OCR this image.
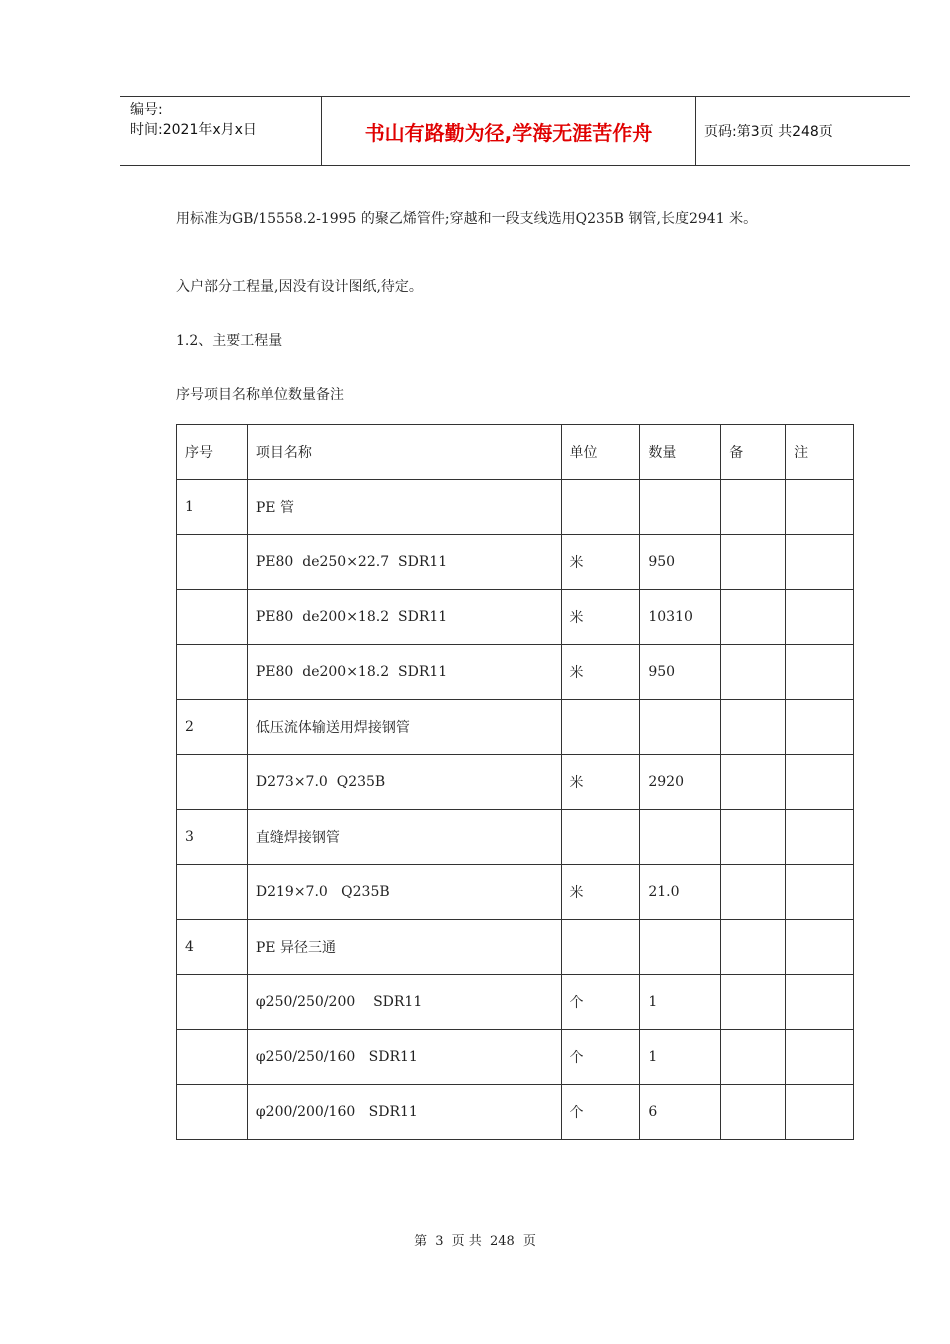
编号:
时间:2021年x月x日	书山有路勤为径,学海无涯苦作舟	页码:第3页 共248页
用标准为GB/15558.2-1995 的聚乙烯管件;穿越和一段支线选用Q235B 钢管,长度2941 米。
入户部分工程量,因没有设计图纸,待定。
1.2、主要工程量
序号项目名称单位数量备注
序号	项目名称	单位	数量	备	注
1	PE 管				
	PE80  de250×22.7  SDR11	米	950		
	PE80  de200×18.2  SDR11	米	10310		
	PE80  de200×18.2  SDR11	米	950		
2	低压流体输送用焊接钢管				
	D273×7.0  Q235B	米	2920		
3	直缝焊接钢管				
	D219×7.0   Q235B	米	21.0		
4	PE 异径三通				
	φ250/250/200    SDR11	个	1		
	φ250/250/160   SDR11	个	1		
	φ200/200/160   SDR11	个	6		
第 3 页 共 248 页
